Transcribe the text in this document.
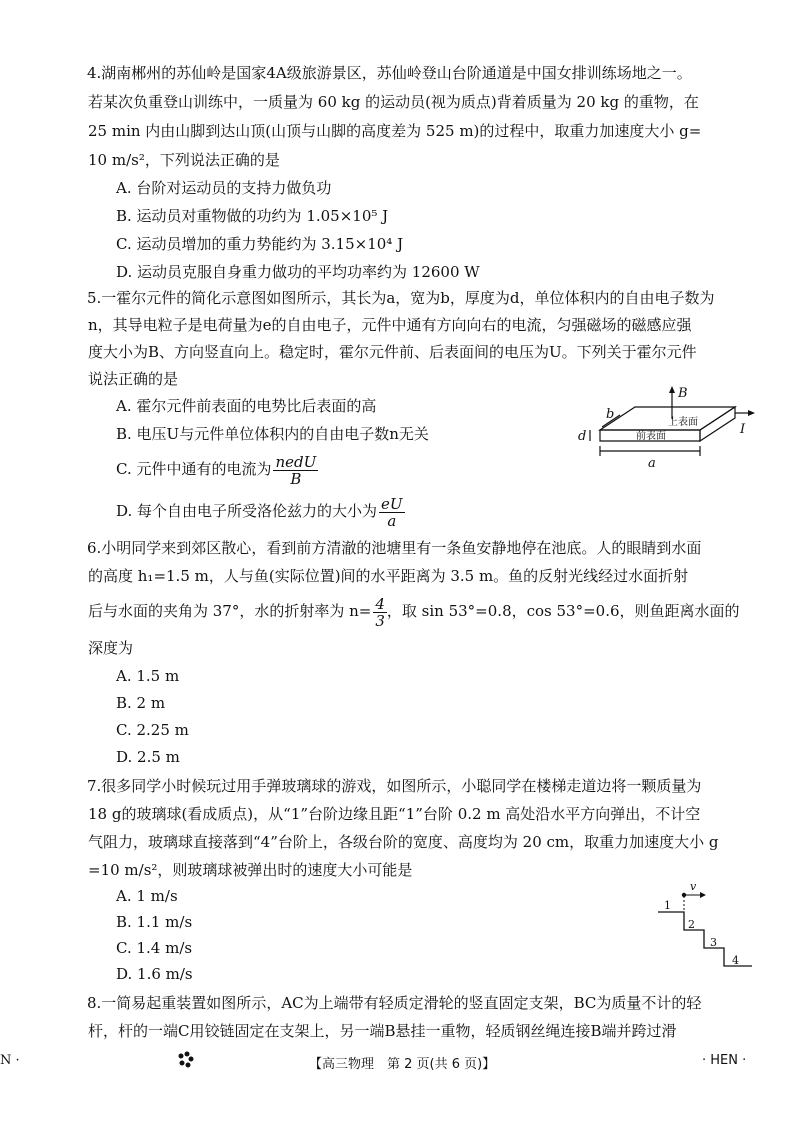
4.湖南郴州的苏仙岭是国家4A级旅游景区，苏仙岭登山台阶通道是中国女排训练场地之一。
若某次负重登山训练中，一质量为 60 kg 的运动员(视为质点)背着质量为 20 kg 的重物，在
25 min 内由山脚到达山顶(山顶与山脚的高度差为 525 m)的过程中，取重力加速度大小 g=
10 m/s²，下列说法正确的是
A. 台阶对运动员的支持力做负功
B. 运动员对重物做的功约为 1.05×10⁵ J
C. 运动员增加的重力势能约为 3.15×10⁴ J
D. 运动员克服自身重力做功的平均功率约为 12600 W
5.一霍尔元件的简化示意图如图所示，其长为a，宽为b，厚度为d，单位体积内的自由电子数为
n，其导电粒子是电荷量为e的自由电子，元件中通有方向向右的电流，匀强磁场的磁感应强
度大小为B、方向竖直向上。稳定时，霍尔元件前、后表面间的电压为U。下列关于霍尔元件
说法正确的是
A. 霍尔元件前表面的电势比后表面的高
B. 电压U与元件单位体积内的自由电子数n无关
C. 元件中通有的电流为 $\frac{\text{nedU}}{B}$
D. 每个自由电子所受洛伦兹力的大小为 $\frac{eU}{a}$
B
b
d
a
I
上表面
前表面
6.小明同学来到郊区散心，看到前方清澈的池塘里有一条鱼安静地停在池底。人的眼睛到水面
的高度 h₁=1.5 m，人与鱼(实际位置)间的水平距离为 3.5 m。鱼的反射光线经过水面折射
后与水面的夹角为 37°，水的折射率为 $n= \frac{4}{3}$ ，取 sin 53°=0.8，cos 53°=0.6，则鱼距离水面的
深度为
A. 1.5 m
B. 2 m
C. 2.25 m
D. 2.5 m
7.很多同学小时候玩过用手弹玻璃球的游戏，如图所示，小聪同学在楼梯走道边将一颗质量为
18 g的玻璃球(看成质点)，从“1”台阶边缘且距“1”台阶 0.2 m 高处沿水平方向弹出，不计空
气阻力，玻璃球直接落到“4”台阶上，各级台阶的宽度、高度均为 20 cm，取重力加速度大小 g
=10 m/s²，则玻璃球被弹出时的速度大小可能是
A. 1 m/s
B. 1.1 m/s
C. 1.4 m/s
D. 1.6 m/s
v
1
2
3
4
8.一简易起重装置如图所示，AC为上端带有轻质定滑轮的竖直固定支架，BC为质量不计的轻
杆，杆的一端C用铰链固定在支架上，另一端B悬挂一重物，轻质钢丝绳连接B端并跨过滑
N ·	【高三物理　第 2 页(共 6 页)】	· HEN ·
